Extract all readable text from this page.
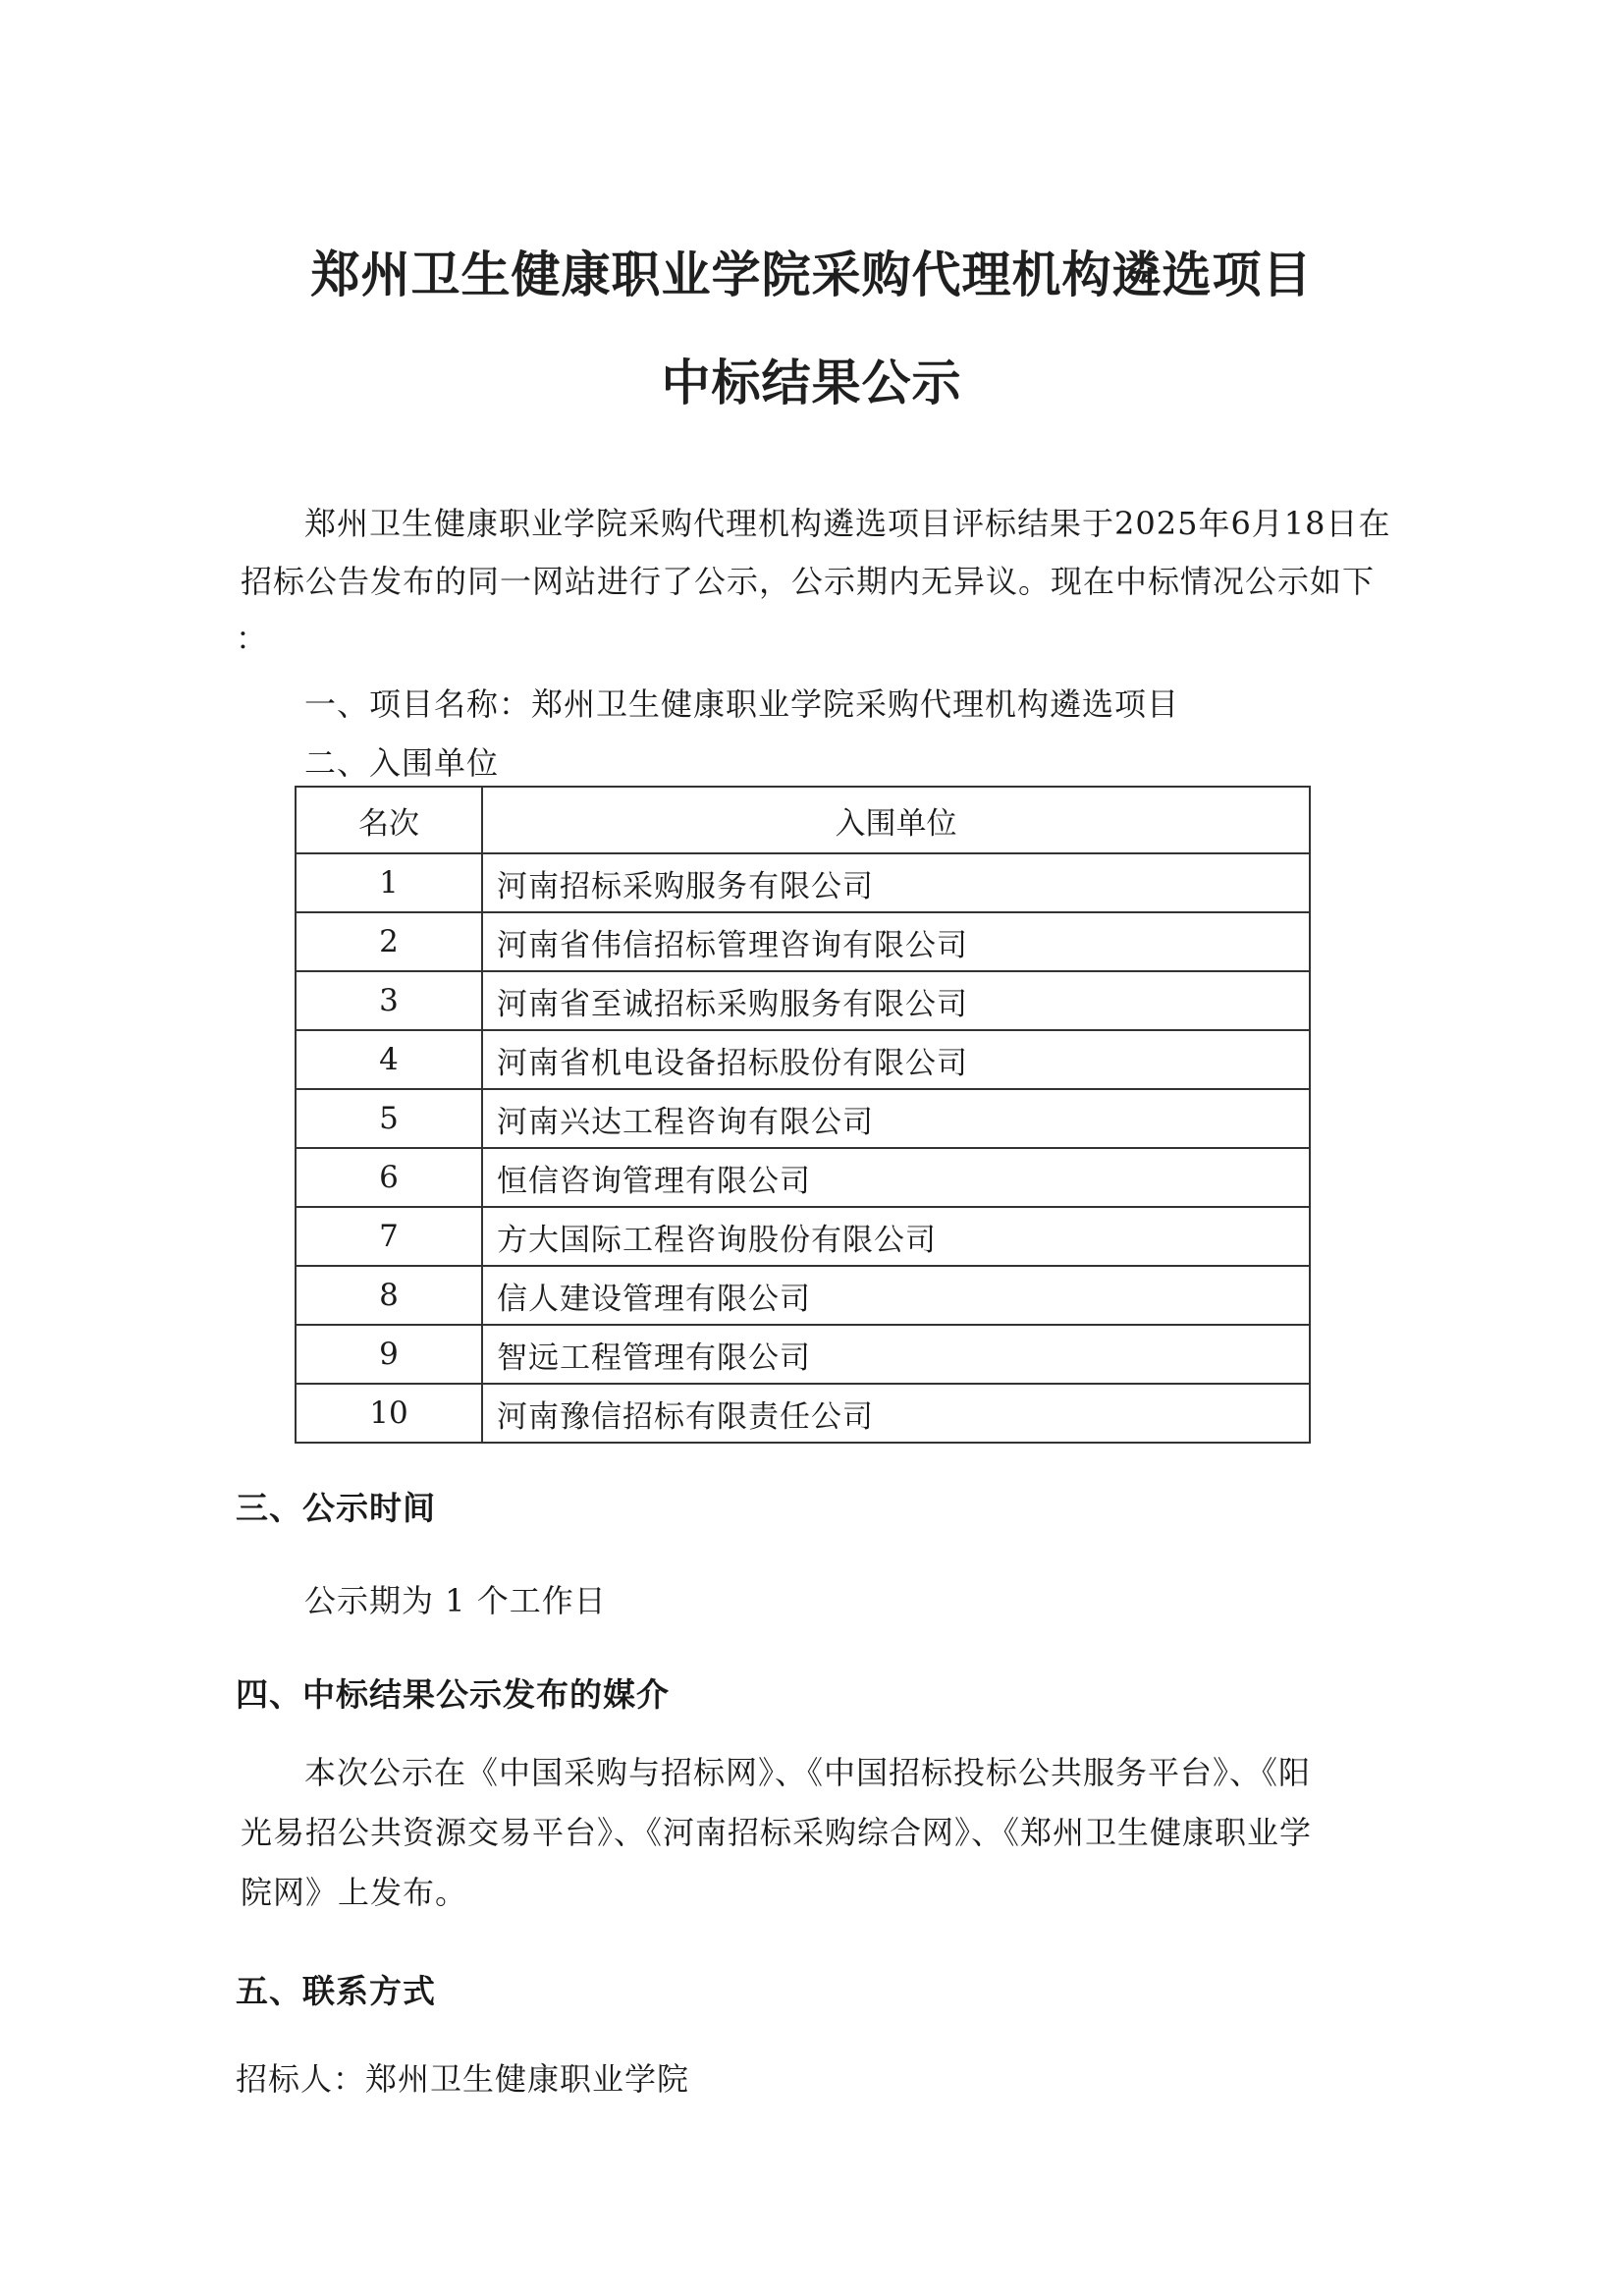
郑州卫生健康职业学院采购代理机构遴选项目
中标结果公示
郑州卫生健康职业学院采购代理机构遴选项目评标结果于2025年6月18日在
招标公告发布的同一网站进行了公示，公示期内无异议。现在中标情况公示如下
：
一、项目名称：郑州卫生健康职业学院采购代理机构遴选项目
二、入围单位
名次	入围单位
1	河南招标采购服务有限公司
2	河南省伟信招标管理咨询有限公司
3	河南省至诚招标采购服务有限公司
4	河南省机电设备招标股份有限公司
5	河南兴达工程咨询有限公司
6	恒信咨询管理有限公司
7	方大国际工程咨询股份有限公司
8	信人建设管理有限公司
9	智远工程管理有限公司
10	河南豫信招标有限责任公司
三、公示时间
公示期为 1 个工作日
四、中标结果公示发布的媒介
本次公示在《中国采购与招标网》、《中国招标投标公共服务平台》、《阳
光易招公共资源交易平台》、《河南招标采购综合网》、《郑州卫生健康职业学
院网》上发布。
五、联系方式
招标人：郑州卫生健康职业学院
